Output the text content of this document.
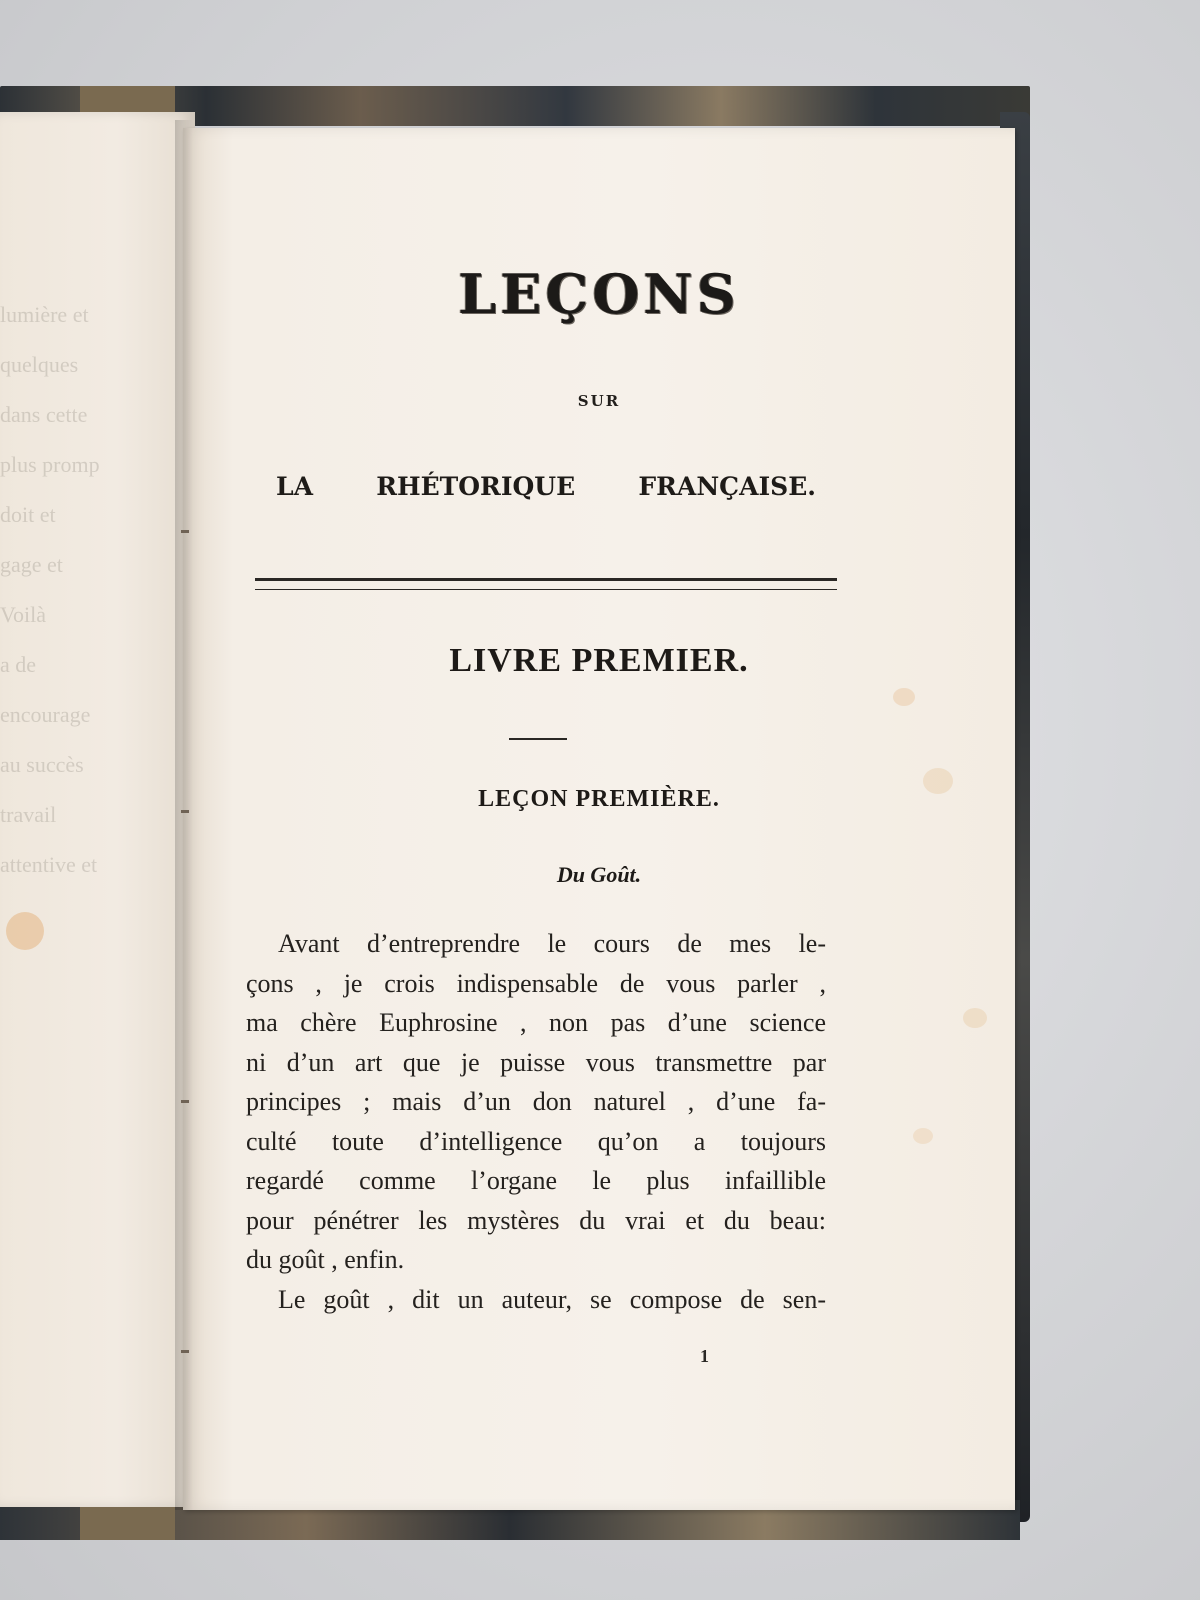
lumière et
quelques
dans cette
plus promp
doit et
gage et
Voilà
a de
encourage
au succès
travail
attentive et
LEÇONS
SUR
LA	RHÉTORIQUE	FRANÇAISE.
LIVRE PREMIER.
LEÇON PREMIÈRE.
Du Goût.
Avant d’entreprendre le cours de mes le-
çons , je crois indispensable de vous parler ,
ma chère Euphrosine , non pas d’une science
ni d’un art que je puisse vous transmettre par
principes ; mais d’un don naturel , d’une fa-
culté toute d’intelligence qu’on a toujours
regardé comme l’organe le plus infaillible
pour pénétrer les mystères du vrai et du beau:
du goût , enfin.
Le goût , dit un auteur, se compose de sen-
1
